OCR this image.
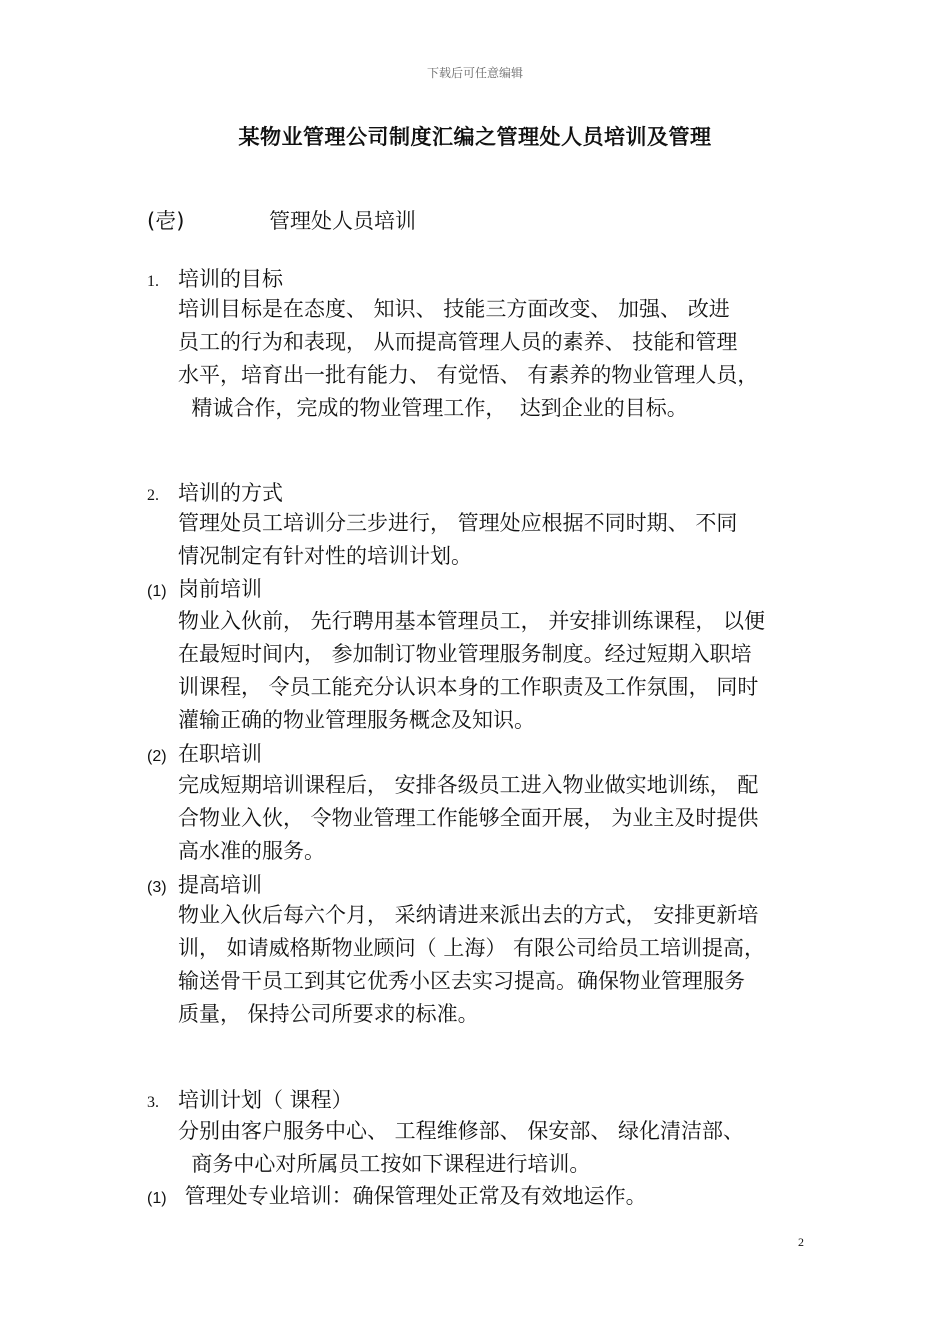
下载后可任意编辑
某物业管理公司制度汇编之管理处人员培训及管理
(壱)	管理处人员培训
1. 培训的目标
培训目标是在态度、 知识、 技能三方面改变、 加强、 改进
员工的行为和表现， 从而提高管理人员的素养、 技能和管理
水平，培育出一批有能力、 有觉悟、 有素养的物业管理人员，
精诚合作，完成的物业管理工作，  达到企业的目标。
2. 培训的方式
管理处员工培训分三步进行， 管理处应根据不同时期、 不同
情况制定有针对性的培训计划。
(1) 岗前培训
物业入伙前， 先行聘用基本管理员工， 并安排训练课程， 以便
在最短时间内， 参加制订物业管理服务制度。经过短期入职培
训课程， 令员工能充分认识本身的工作职责及工作氛围， 同时
灌输正确的物业管理服务概念及知识。
(2) 在职培训
完成短期培训课程后， 安排各级员工进入物业做实地训练， 配
合物业入伙， 令物业管理工作能够全面开展， 为业主及时提供
高水准的服务。
(3) 提高培训
物业入伙后每六个月， 采纳请进来派出去的方式， 安排更新培
训， 如请威格斯物业顾问（ 上海） 有限公司给员工培训提高，
输送骨干员工到其它优秀小区去实习提高。确保物业管理服务
质量， 保持公司所要求的标准。
3. 培训计划（ 课程）
分别由客户服务中心、 工程维修部、 保安部、 绿化清洁部、
商务中心对所属员工按如下课程进行培训。
(1) 管理处专业培训：确保管理处正常及有效地运作。
2
